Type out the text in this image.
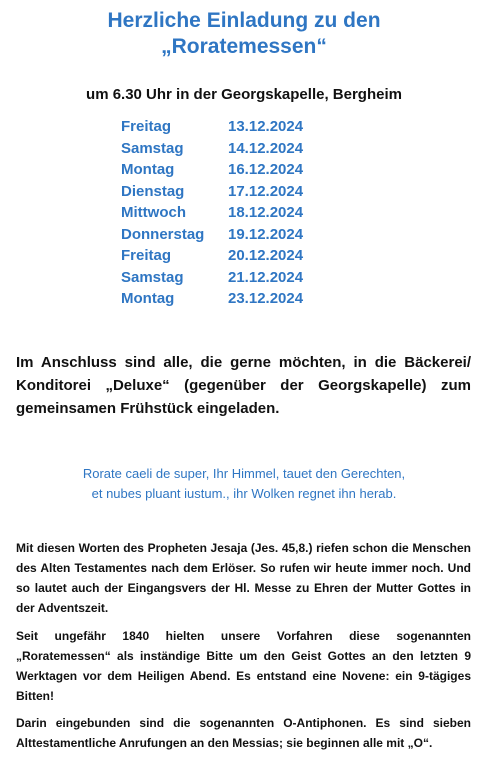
Herzliche Einladung zu den
„Roratemessen“
um 6.30 Uhr in der Georgskapelle, Bergheim
Freitag	13.12.2024
Samstag	14.12.2024
Montag	16.12.2024
Dienstag	17.12.2024
Mittwoch	18.12.2024
Donnerstag	19.12.2024
Freitag	20.12.2024
Samstag	21.12.2024
Montag	23.12.2024

Im Anschluss sind alle, die gerne möchten, in die Bäckerei/ Konditorei „Deluxe“ (gegenüber der Georgskapelle) zum gemeinsamen Frühstück eingeladen.

Rorate caeli de super, Ihr Himmel, tauet den Gerechten,
et nubes pluant iustum., ihr Wolken regnet ihn herab.

Mit diesen Worten des Propheten Jesaja (Jes. 45,8.) riefen schon die Menschen des Alten Testamentes nach dem Erlöser. So rufen wir heute immer noch. Und so lautet auch der Eingangsvers der Hl. Messe zu Ehren der Mutter Gottes in der Adventszeit.

Seit ungefähr 1840 hielten unsere Vorfahren diese sogenannten „Roratemessen“ als inständige Bitte um den Geist Gottes an den letzten 9 Werktagen vor dem Heiligen Abend. Es entstand eine Novene: ein 9-tägiges Bitten!

Darin eingebunden sind die sogenannten O-Antiphonen. Es sind sieben Alttestamentliche Anrufungen an den Messias; sie beginnen alle mit „O“.
